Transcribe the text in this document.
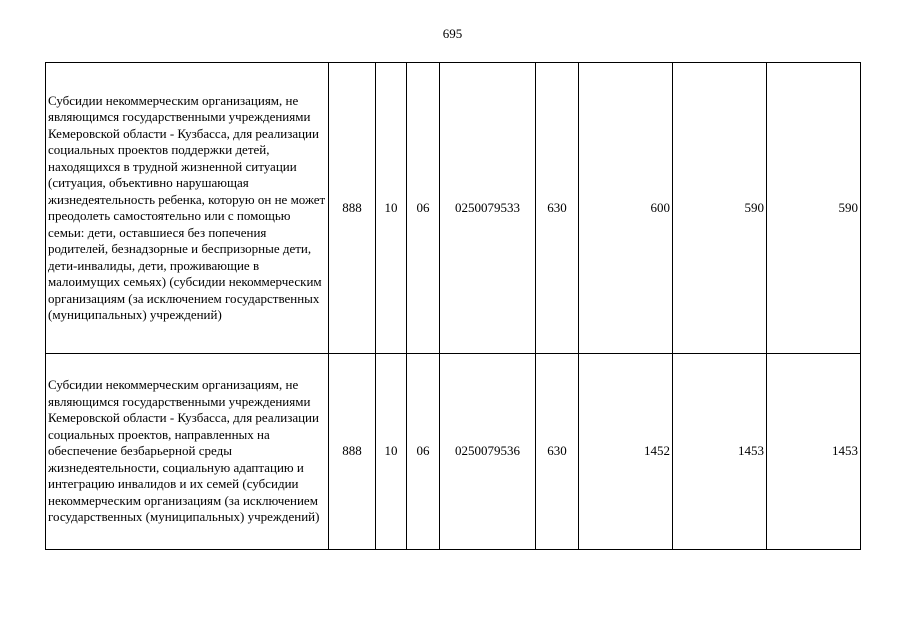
695
Субсидии некоммерческим организациям, не являющимся государственными учреждениями Кемеровской области - Кузбасса, для реализации социальных проектов поддержки детей, находящихся в трудной жизненной ситуации (ситуация, объективно нарушающая жизнедеятельность ребенка, которую он не может преодолеть самостоятельно или с помощью семьи: дети, оставшиеся без попечения родителей, безнадзорные и беспризорные дети, дети-инвалиды, дети, проживающие в малоимущих семьях) (субсидии некоммерческим организациям (за исключением государственных (муниципальных) учреждений)	888	10	06	0250079533	630	600	590	590
Субсидии некоммерческим организациям, не являющимся государственными учреждениями Кемеровской области - Кузбасса, для реализации социальных проектов, направленных на обеспечение безбарьерной среды жизнедеятельности, социальную адаптацию и интеграцию инвалидов и их семей (субсидии некоммерческим организациям (за исключением государственных (муниципальных) учреждений)	888	10	06	0250079536	630	1452	1453	1453
